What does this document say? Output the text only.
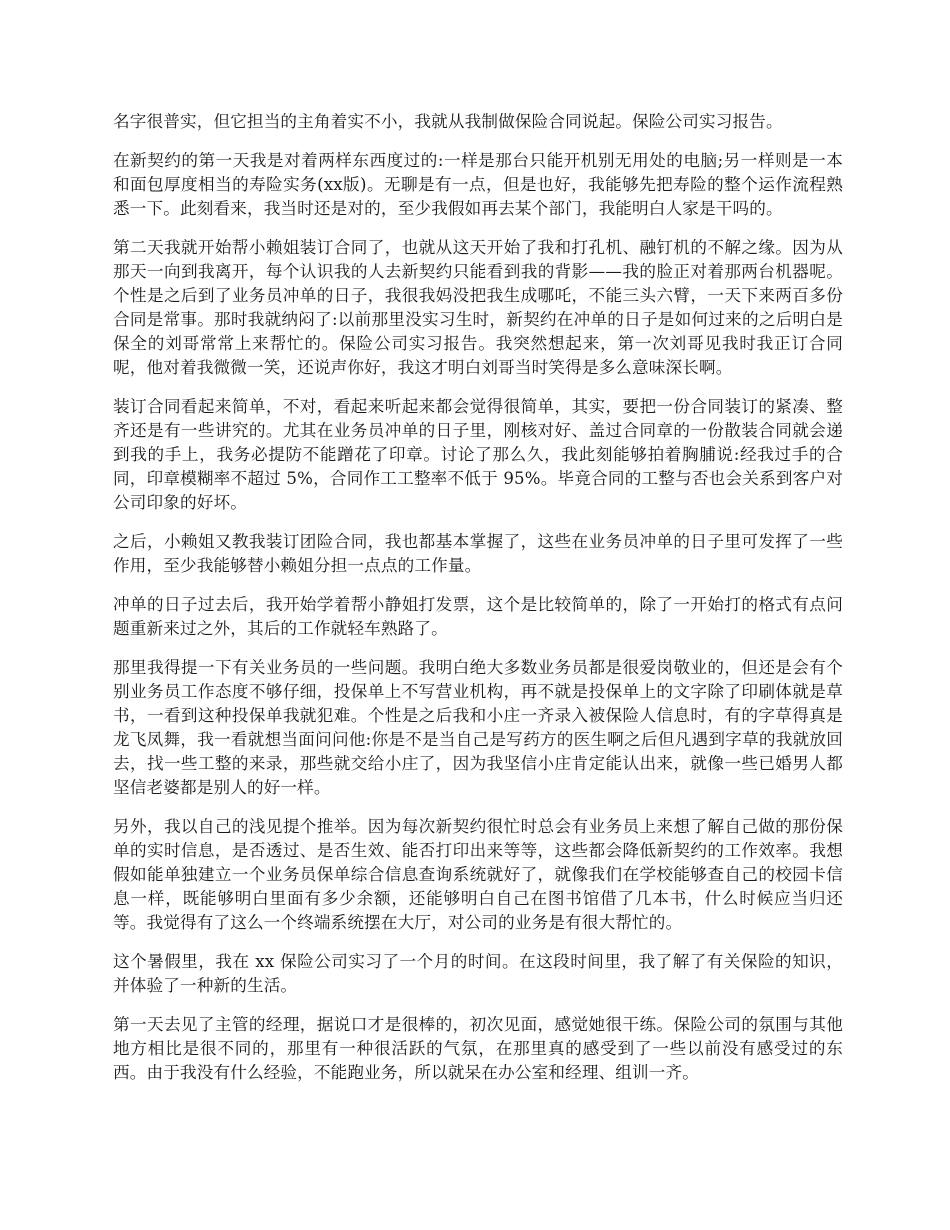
名字很普实，但它担当的主角着实不小，我就从我制做保险合同说起。保险公司实习报告。

在新契约的第一天我是对着两样东西度过的:一样是那台只能开机别无用处的电脑;另一样则是一本和面包厚度相当的寿险实务(xx版)。无聊是有一点，但是也好，我能够先把寿险的整个运作流程熟悉一下。此刻看来，我当时还是对的，至少我假如再去某个部门，我能明白人家是干吗的。

第二天我就开始帮小赖姐装订合同了，也就从这天开始了我和打孔机、融钉机的不解之缘。因为从那天一向到我离开，每个认识我的人去新契约只能看到我的背影——我的脸正对着那两台机器呢。个性是之后到了业务员冲单的日子，我很我妈没把我生成哪吒，不能三头六臂，一天下来两百多份合同是常事。那时我就纳闷了:以前那里没实习生时，新契约在冲单的日子是如何过来的之后明白是保全的刘哥常常上来帮忙的。保险公司实习报告。我突然想起来，第一次刘哥见我时我正订合同呢，他对着我微微一笑，还说声你好，我这才明白刘哥当时笑得是多么意味深长啊。

装订合同看起来简单，不对，看起来听起来都会觉得很简单，其实，要把一份合同装订的紧凑、整齐还是有一些讲究的。尤其在业务员冲单的日子里，刚核对好、盖过合同章的一份散装合同就会递到我的手上，我务必提防不能蹭花了印章。讨论了那么久，我此刻能够拍着胸脯说:经我过手的合同，印章模糊率不超过 5%，合同作工工整率不低于 95%。毕竟合同的工整与否也会关系到客户对公司印象的好坏。

之后，小赖姐又教我装订团险合同，我也都基本掌握了，这些在业务员冲单的日子里可发挥了一些作用，至少我能够替小赖姐分担一点点的工作量。

冲单的日子过去后，我开始学着帮小静姐打发票，这个是比较简单的，除了一开始打的格式有点问题重新来过之外，其后的工作就轻车熟路了。

那里我得提一下有关业务员的一些问题。我明白绝大多数业务员都是很爱岗敬业的，但还是会有个别业务员工作态度不够仔细，投保单上不写营业机构，再不就是投保单上的文字除了印刷体就是草书，一看到这种投保单我就犯难。个性是之后我和小庄一齐录入被保险人信息时，有的字草得真是龙飞凤舞，我一看就想当面问问他:你是不是当自己是写药方的医生啊之后但凡遇到字草的我就放回去，找一些工整的来录，那些就交给小庄了，因为我坚信小庄肯定能认出来，就像一些已婚男人都坚信老婆都是别人的好一样。

另外，我以自己的浅见提个推举。因为每次新契约很忙时总会有业务员上来想了解自己做的那份保单的实时信息，是否透过、是否生效、能否打印出来等等，这些都会降低新契约的工作效率。我想假如能单独建立一个业务员保单综合信息查询系统就好了，就像我们在学校能够查自己的校园卡信息一样，既能够明白里面有多少余额，还能够明白自己在图书馆借了几本书，什么时候应当归还等。我觉得有了这么一个终端系统摆在大厅，对公司的业务是有很大帮忙的。

这个暑假里，我在 xx 保险公司实习了一个月的时间。在这段时间里，我了解了有关保险的知识，并体验了一种新的生活。

第一天去见了主管的经理，据说口才是很棒的，初次见面，感觉她很干练。保险公司的氛围与其他地方相比是很不同的，那里有一种很活跃的气氛，在那里真的感受到了一些以前没有感受过的东西。由于我没有什么经验，不能跑业务，所以就呆在办公室和经理、组训一齐。
